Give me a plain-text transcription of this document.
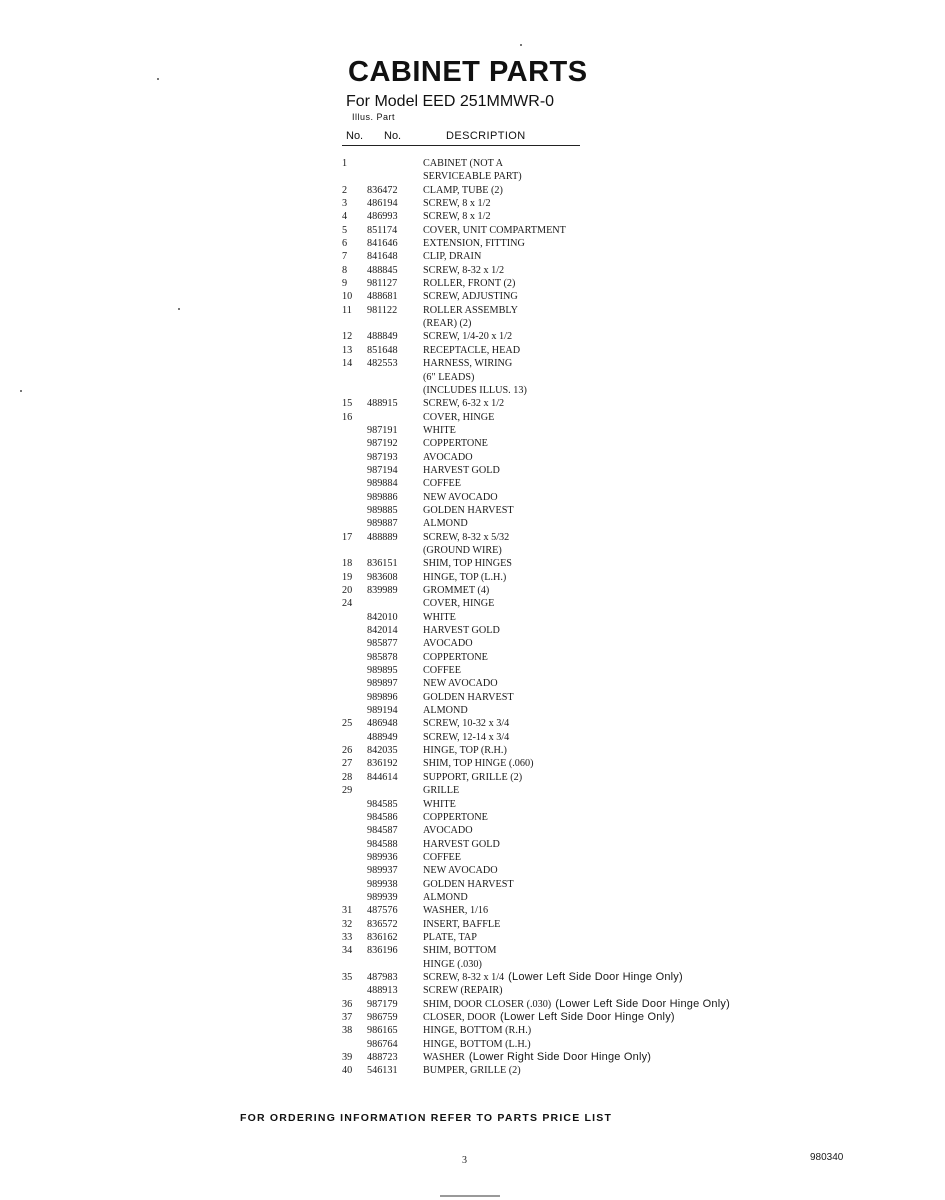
CABINET PARTS
For Model EED 251MMWR-0
Illus. Part
No. No.	DESCRIPTION
1	CABINET (NOT A
SERVICEABLE PART)
2	836472	CLAMP, TUBE (2)
3	486194	SCREW, 8 x 1/2
4	486993	SCREW, 8 x 1/2
5	851174	COVER, UNIT COMPARTMENT
6	841646	EXTENSION, FITTING
7	841648	CLIP, DRAIN
8	488845	SCREW, 8-32 x 1/2
9	981127	ROLLER, FRONT (2)
10	488681	SCREW, ADJUSTING
11	981122	ROLLER ASSEMBLY
(REAR) (2)
12	488849	SCREW, 1/4-20 x 1/2
13	851648	RECEPTACLE, HEAD
14	482553	HARNESS, WIRING
(6" LEADS)
(INCLUDES ILLUS. 13)
15	488915	SCREW, 6-32 x 1/2
16	COVER, HINGE
987191	WHITE
987192	COPPERTONE
987193	AVOCADO
987194	HARVEST GOLD
989884	COFFEE
989886	NEW AVOCADO
989885	GOLDEN HARVEST
989887	ALMOND
17	488889	SCREW, 8-32 x 5/32
(GROUND WIRE)
18	836151	SHIM, TOP HINGES
19	983608	HINGE, TOP (L.H.)
20	839989	GROMMET (4)
24	COVER, HINGE
842010	WHITE
842014	HARVEST GOLD
985877	AVOCADO
985878	COPPERTONE
989895	COFFEE
989897	NEW AVOCADO
989896	GOLDEN HARVEST
989194	ALMOND
25	486948	SCREW, 10-32 x 3/4
488949	SCREW, 12-14 x 3/4
26	842035	HINGE, TOP (R.H.)
27	836192	SHIM, TOP HINGE (.060)
28	844614	SUPPORT, GRILLE (2)
29	GRILLE
984585	WHITE
984586	COPPERTONE
984587	AVOCADO
984588	HARVEST GOLD
989936	COFFEE
989937	NEW AVOCADO
989938	GOLDEN HARVEST
989939	ALMOND
31	487576	WASHER, 1/16
32	836572	INSERT, BAFFLE
33	836162	PLATE, TAP
34	836196	SHIM, BOTTOM
HINGE (.030)
35	487983	SCREW, 8-32 x 1/4 (Lower Left Side Door Hinge Only)
488913	SCREW (REPAIR)
36	987179	SHIM, DOOR CLOSER (.030) (Lower Left Side Door Hinge Only)
37	986759	CLOSER, DOOR (Lower Left Side Door Hinge Only)
38	986165	HINGE, BOTTOM (R.H.)
986764	HINGE, BOTTOM (L.H.)
39	488723	WASHER (Lower Right Side Door Hinge Only)
40	546131	BUMPER, GRILLE (2)
FOR ORDERING INFORMATION REFER TO PARTS PRICE LIST
3	980340
